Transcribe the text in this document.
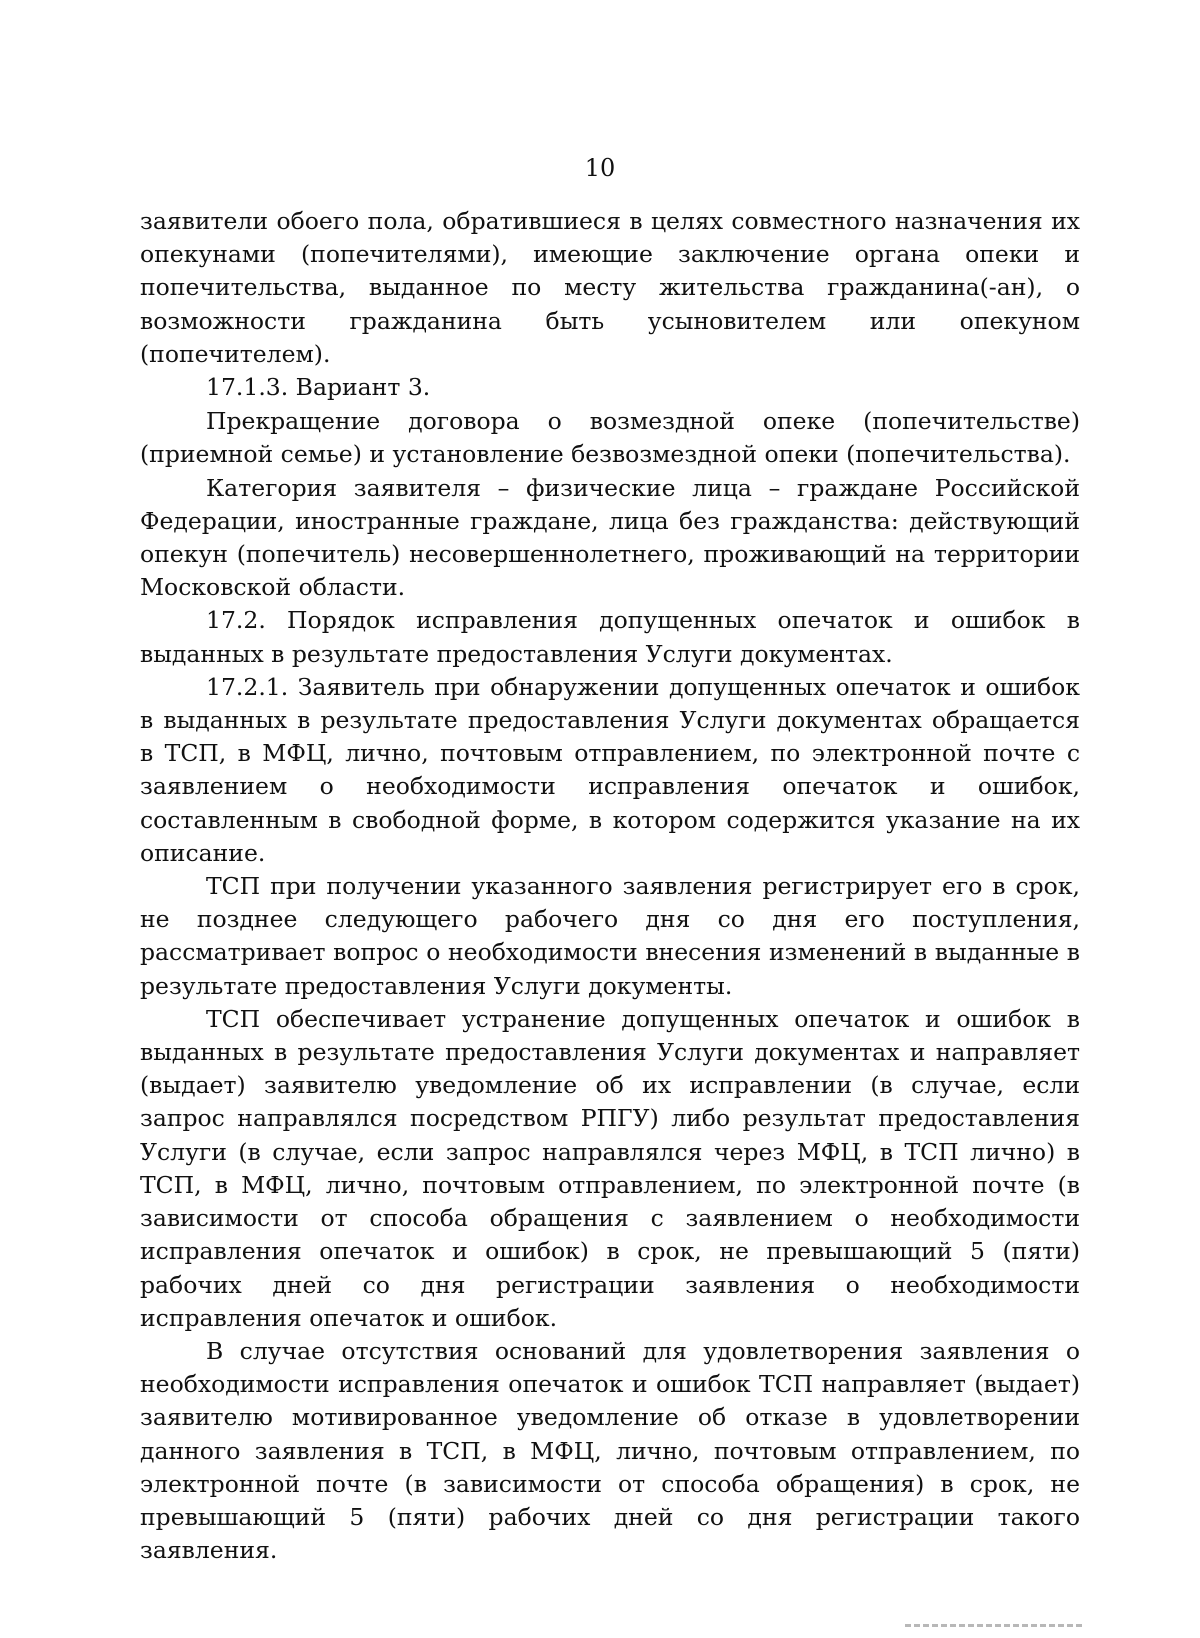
10

заявители обоего пола, обратившиеся в целях совместного назначения их опекунами (попечителями), имеющие заключение органа опеки и попечительства, выданное по месту жительства гражданина(-ан), о возможности гражданина быть усыновителем или опекуном (попечителем).

17.1.3. Вариант 3.

Прекращение договора о возмездной опеке (попечительстве) (приемной семье) и установление безвозмездной опеки (попечительства).

Категория заявителя – физические лица – граждане Российской Федерации, иностранные граждане, лица без гражданства: действующий опекун (попечитель) несовершеннолетнего, проживающий на территории Московской области.

17.2. Порядок исправления допущенных опечаток и ошибок в выданных в результате предоставления Услуги документах.

17.2.1. Заявитель при обнаружении допущенных опечаток и ошибок в выданных в результате предоставления Услуги документах обращается в ТСП, в МФЦ, лично, почтовым отправлением, по электронной почте с заявлением о необходимости исправления опечаток и ошибок, составленным в свободной форме, в котором содержится указание на их описание.

ТСП при получении указанного заявления регистрирует его в срок, не позднее следующего рабочего дня со дня его поступления, рассматривает вопрос о необходимости внесения изменений в выданные в результате предоставления Услуги документы.

ТСП обеспечивает устранение допущенных опечаток и ошибок в выданных в результате предоставления Услуги документах и направляет (выдает) заявителю уведомление об их исправлении (в случае, если запрос направлялся посредством РПГУ) либо результат предоставления Услуги (в случае, если запрос направлялся через МФЦ, в ТСП лично) в ТСП, в МФЦ, лично, почтовым отправлением, по электронной почте (в зависимости от способа обращения с заявлением о необходимости исправления опечаток и ошибок) в срок, не превышающий 5 (пяти) рабочих дней со дня регистрации заявления о необходимости исправления опечаток и ошибок.

В случае отсутствия оснований для удовлетворения заявления о необходимости исправления опечаток и ошибок ТСП направляет (выдает) заявителю мотивированное уведомление об отказе в удовлетворении данного заявления в ТСП, в МФЦ, лично, почтовым отправлением, по электронной почте (в зависимости от способа обращения) в срок, не превышающий 5 (пяти) рабочих дней со дня регистрации такого заявления.
